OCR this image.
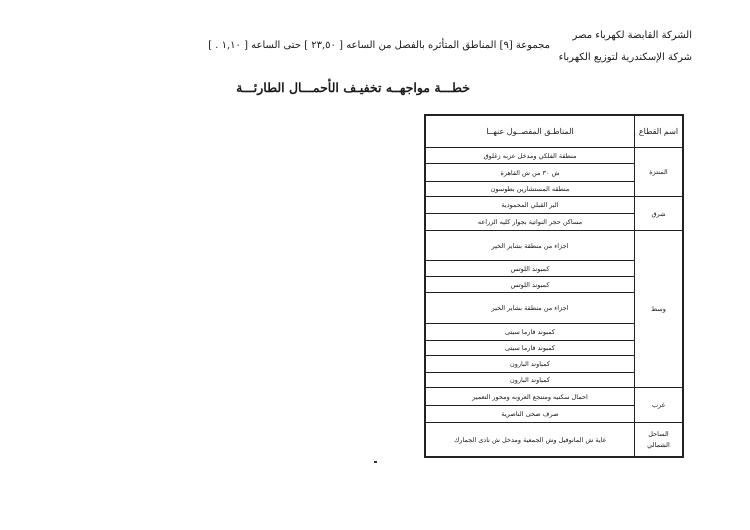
الشركة القابضة لكهرباء مصر
شركة الإسكندرية لتوزيع الكهرباء
مجموعة [٩] المناطق المتأثره بالفصل من الساعه [ ٢٣,٥٠ ] حتى الساعه [ ١,١٠ . ]
خطـــة مواجهــه تخفيـف الأحمـــال الطارئـــة
اسم القطاع	المناطـق المفصــول عنهــا
المنتزة	منطقة الفلكي ومدخل عزبه زغلوق
	ش ٣٠ من ش القاهرة
	منطقه المستشارين بطوسون
شرق	البر القبلي المحمودية
	مساكن حجر النواتية بجوار كليه الزراعه
وسط	اجزاء من منطقة بشاير الخير
	كمبوند اللوتس
	كمبوند اللوتس
	اجزاء من منطقة بشاير الخير
	كمبوند فارما سيتى
	كمبوند فارما سيتى
	كمباوند البارون
	كمباوند البارون
غرب	احمال سكنيه ومنتجع العروبه ومحور التعمير
	صرف صحى الناصرية
الساحل الشمالي	غاية ش المانوفيل وش الجمعية ومدخل ش نادى الجمارك
